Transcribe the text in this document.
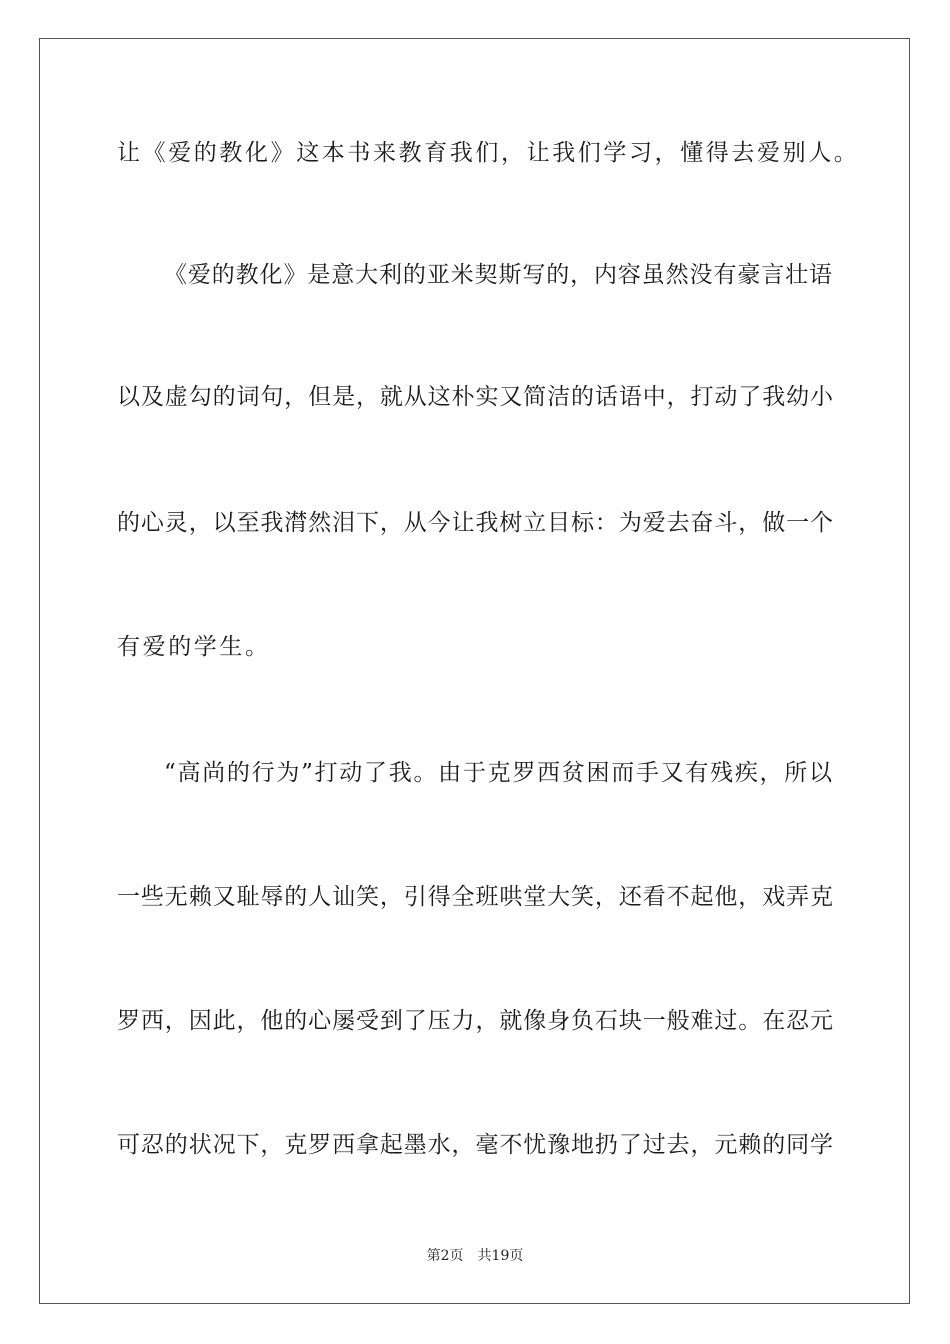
让《爱的教化》这本书来教育我们，让我们学习，懂得去爱别人。
《爱的教化》是意大利的亚米契斯写的，内容虽然没有豪言壮语
以及虚勾的词句，但是，就从这朴实又简洁的话语中，打动了我幼小
的心灵，以至我潸然泪下，从今让我树立目标：为爱去奋斗，做一个
有爱的学生。
“高尚的行为”打动了我。由于克罗西贫困而手又有残疾，所以
一些无赖又耻辱的人讪笑，引得全班哄堂大笑，还看不起他，戏弄克
罗西，因此，他的心屡受到了压力，就像身负石块一般难过。在忍元
可忍的状况下，克罗西拿起墨水，毫不忧豫地扔了过去，元赖的同学
第2页 共19页
